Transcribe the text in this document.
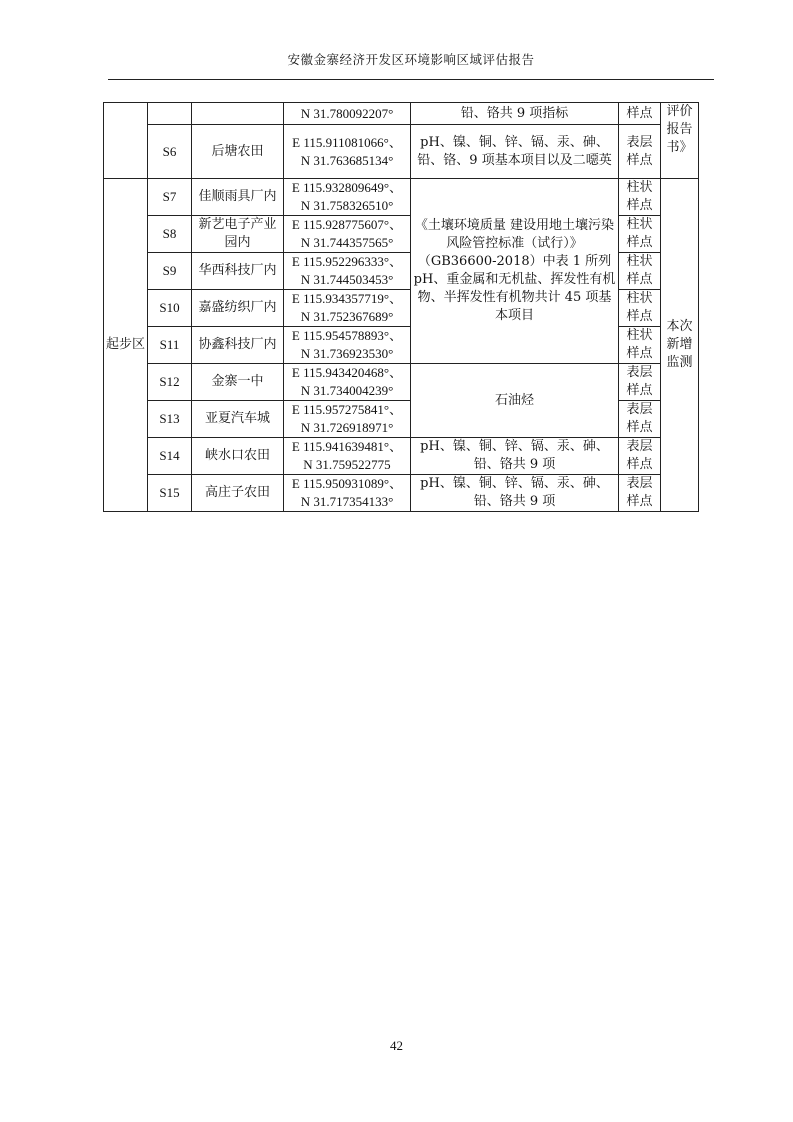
安徽金寨经济开发区环境影响区域评估报告
			N 31.780092207°	铅、铬共 9 项指标	样点	评价报告书》
	S6	后塘农田	E 115.911081066°、
N 31.763685134°	pH、镍、铜、锌、镉、汞、砷、铅、铬、9 项基本项目以及二噁英	表层样点	
起步区	S7	佳顺雨具厂内	E 115.932809649°、
N 31.758326510°	《土壤环境质量 建设用地土壤污染风险管控标准（试行）》（GB36600-2018）中表 1 所列 pH、重金属和无机盐、挥发性有机物、半挥发性有机物共计 45 项基本项目	柱状样点	本次新增监测
	S8	新艺电子产业园内	E 115.928775607°、
N 31.744357565°		柱状样点	
	S9	华西科技厂内	E 115.952296333°、
N 31.744503453°		柱状样点	
	S10	嘉盛纺织厂内	E 115.934357719°、
N 31.752367689°		柱状样点	
	S11	协鑫科技厂内	E 115.954578893°、
N 31.736923530°		柱状样点	
	S12	金寨一中	E 115.943420468°、
N 31.734004239°	石油烃	表层样点	
	S13	亚夏汽车城	E 115.957275841°、
N 31.726918971°		表层样点	
	S14	峡水口农田	E 115.941639481°、
N 31.759522775	pH、镍、铜、锌、镉、汞、砷、铅、铬共 9 项	表层样点	
	S15	高庄子农田	E 115.950931089°、
N 31.717354133°	pH、镍、铜、锌、镉、汞、砷、铅、铬共 9 项	表层样点	
42
